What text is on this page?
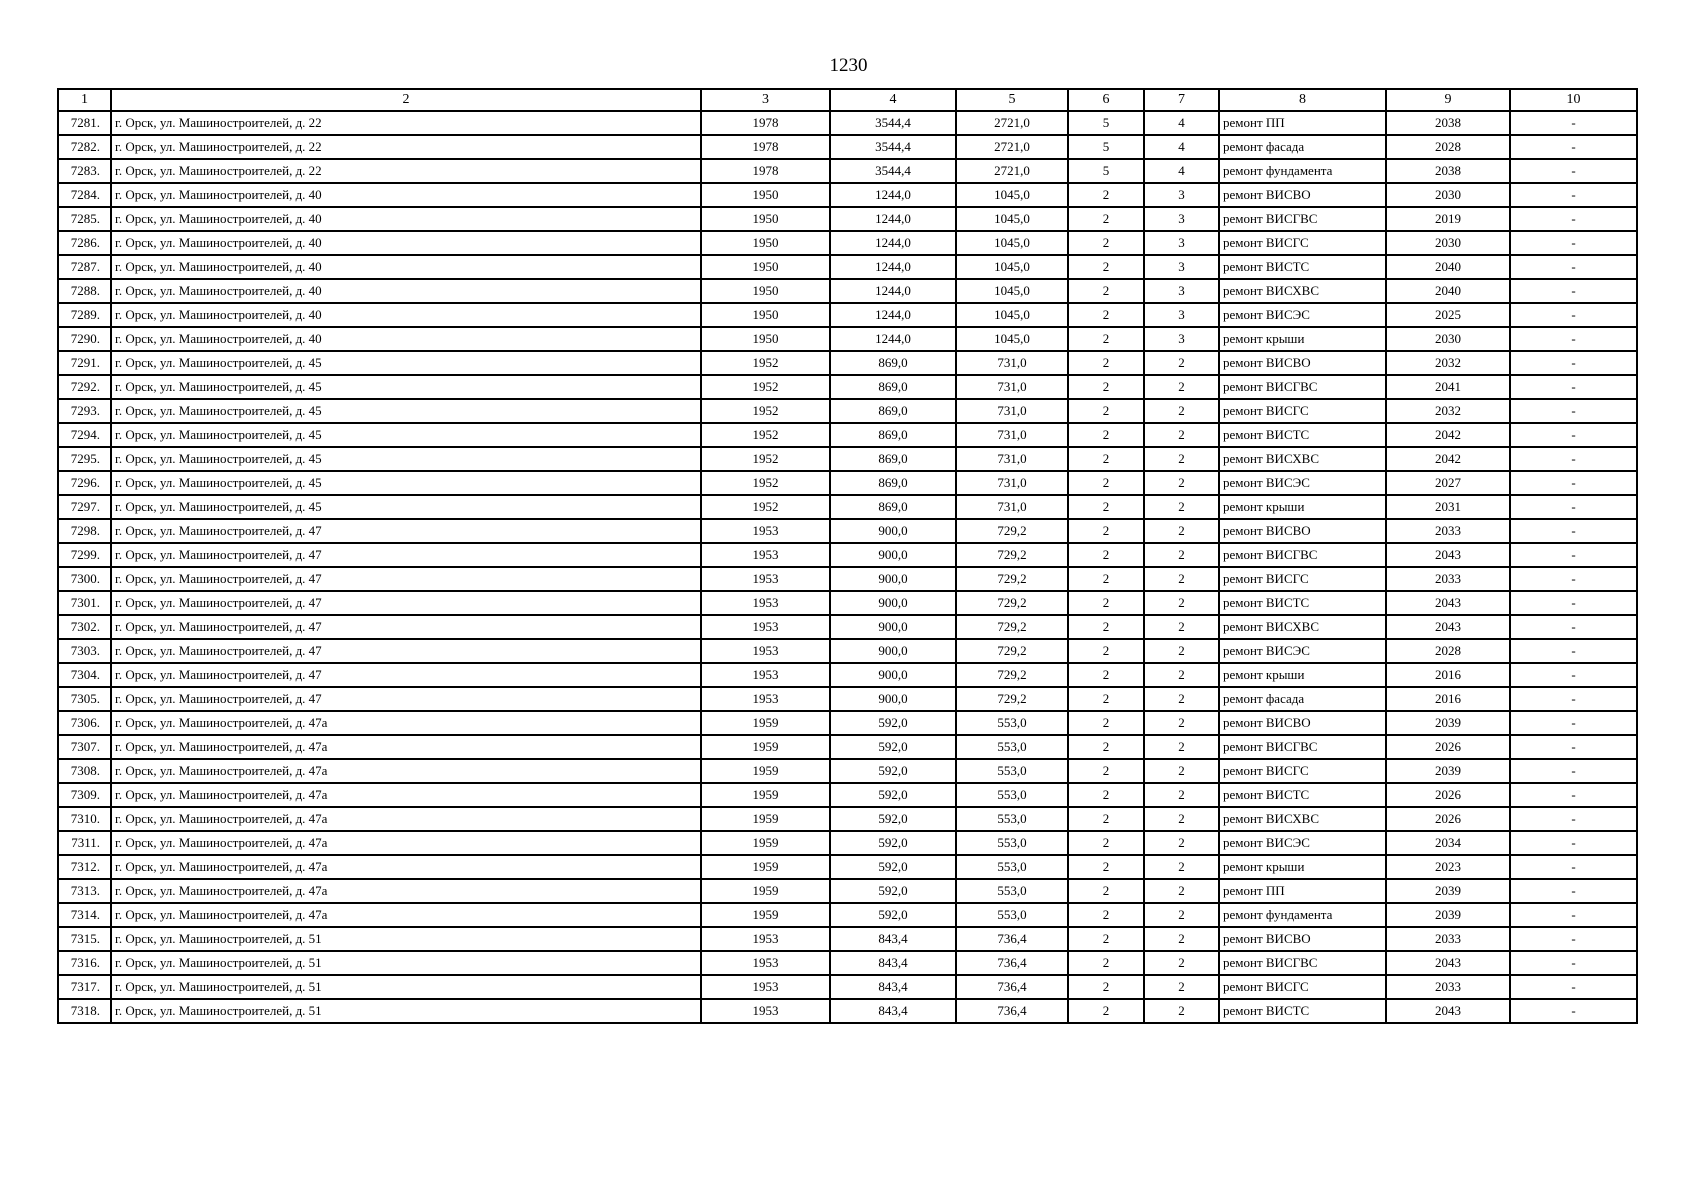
1230
1	2	3	4	5	6	7	8	9	10
7281.	г. Орск, ул. Машиностроителей, д. 22	1978	3544,4	2721,0	5	4	ремонт ПП	2038	-
7282.	г. Орск, ул. Машиностроителей, д. 22	1978	3544,4	2721,0	5	4	ремонт фасада	2028	-
7283.	г. Орск, ул. Машиностроителей, д. 22	1978	3544,4	2721,0	5	4	ремонт фундамента	2038	-
7284.	г. Орск, ул. Машиностроителей, д. 40	1950	1244,0	1045,0	2	3	ремонт ВИСВО	2030	-
7285.	г. Орск, ул. Машиностроителей, д. 40	1950	1244,0	1045,0	2	3	ремонт ВИСГВС	2019	-
7286.	г. Орск, ул. Машиностроителей, д. 40	1950	1244,0	1045,0	2	3	ремонт ВИСГС	2030	-
7287.	г. Орск, ул. Машиностроителей, д. 40	1950	1244,0	1045,0	2	3	ремонт ВИСТС	2040	-
7288.	г. Орск, ул. Машиностроителей, д. 40	1950	1244,0	1045,0	2	3	ремонт ВИСХВС	2040	-
7289.	г. Орск, ул. Машиностроителей, д. 40	1950	1244,0	1045,0	2	3	ремонт ВИСЭС	2025	-
7290.	г. Орск, ул. Машиностроителей, д. 40	1950	1244,0	1045,0	2	3	ремонт крыши	2030	-
7291.	г. Орск, ул. Машиностроителей, д. 45	1952	869,0	731,0	2	2	ремонт ВИСВО	2032	-
7292.	г. Орск, ул. Машиностроителей, д. 45	1952	869,0	731,0	2	2	ремонт ВИСГВС	2041	-
7293.	г. Орск, ул. Машиностроителей, д. 45	1952	869,0	731,0	2	2	ремонт ВИСГС	2032	-
7294.	г. Орск, ул. Машиностроителей, д. 45	1952	869,0	731,0	2	2	ремонт ВИСТС	2042	-
7295.	г. Орск, ул. Машиностроителей, д. 45	1952	869,0	731,0	2	2	ремонт ВИСХВС	2042	-
7296.	г. Орск, ул. Машиностроителей, д. 45	1952	869,0	731,0	2	2	ремонт ВИСЭС	2027	-
7297.	г. Орск, ул. Машиностроителей, д. 45	1952	869,0	731,0	2	2	ремонт крыши	2031	-
7298.	г. Орск, ул. Машиностроителей, д. 47	1953	900,0	729,2	2	2	ремонт ВИСВО	2033	-
7299.	г. Орск, ул. Машиностроителей, д. 47	1953	900,0	729,2	2	2	ремонт ВИСГВС	2043	-
7300.	г. Орск, ул. Машиностроителей, д. 47	1953	900,0	729,2	2	2	ремонт ВИСГС	2033	-
7301.	г. Орск, ул. Машиностроителей, д. 47	1953	900,0	729,2	2	2	ремонт ВИСТС	2043	-
7302.	г. Орск, ул. Машиностроителей, д. 47	1953	900,0	729,2	2	2	ремонт ВИСХВС	2043	-
7303.	г. Орск, ул. Машиностроителей, д. 47	1953	900,0	729,2	2	2	ремонт ВИСЭС	2028	-
7304.	г. Орск, ул. Машиностроителей, д. 47	1953	900,0	729,2	2	2	ремонт крыши	2016	-
7305.	г. Орск, ул. Машиностроителей, д. 47	1953	900,0	729,2	2	2	ремонт фасада	2016	-
7306.	г. Орск, ул. Машиностроителей, д. 47а	1959	592,0	553,0	2	2	ремонт ВИСВО	2039	-
7307.	г. Орск, ул. Машиностроителей, д. 47а	1959	592,0	553,0	2	2	ремонт ВИСГВС	2026	-
7308.	г. Орск, ул. Машиностроителей, д. 47а	1959	592,0	553,0	2	2	ремонт ВИСГС	2039	-
7309.	г. Орск, ул. Машиностроителей, д. 47а	1959	592,0	553,0	2	2	ремонт ВИСТС	2026	-
7310.	г. Орск, ул. Машиностроителей, д. 47а	1959	592,0	553,0	2	2	ремонт ВИСХВС	2026	-
7311.	г. Орск, ул. Машиностроителей, д. 47а	1959	592,0	553,0	2	2	ремонт ВИСЭС	2034	-
7312.	г. Орск, ул. Машиностроителей, д. 47а	1959	592,0	553,0	2	2	ремонт крыши	2023	-
7313.	г. Орск, ул. Машиностроителей, д. 47а	1959	592,0	553,0	2	2	ремонт ПП	2039	-
7314.	г. Орск, ул. Машиностроителей, д. 47а	1959	592,0	553,0	2	2	ремонт фундамента	2039	-
7315.	г. Орск, ул. Машиностроителей, д. 51	1953	843,4	736,4	2	2	ремонт ВИСВО	2033	-
7316.	г. Орск, ул. Машиностроителей, д. 51	1953	843,4	736,4	2	2	ремонт ВИСГВС	2043	-
7317.	г. Орск, ул. Машиностроителей, д. 51	1953	843,4	736,4	2	2	ремонт ВИСГС	2033	-
7318.	г. Орск, ул. Машиностроителей, д. 51	1953	843,4	736,4	2	2	ремонт ВИСТС	2043	-
